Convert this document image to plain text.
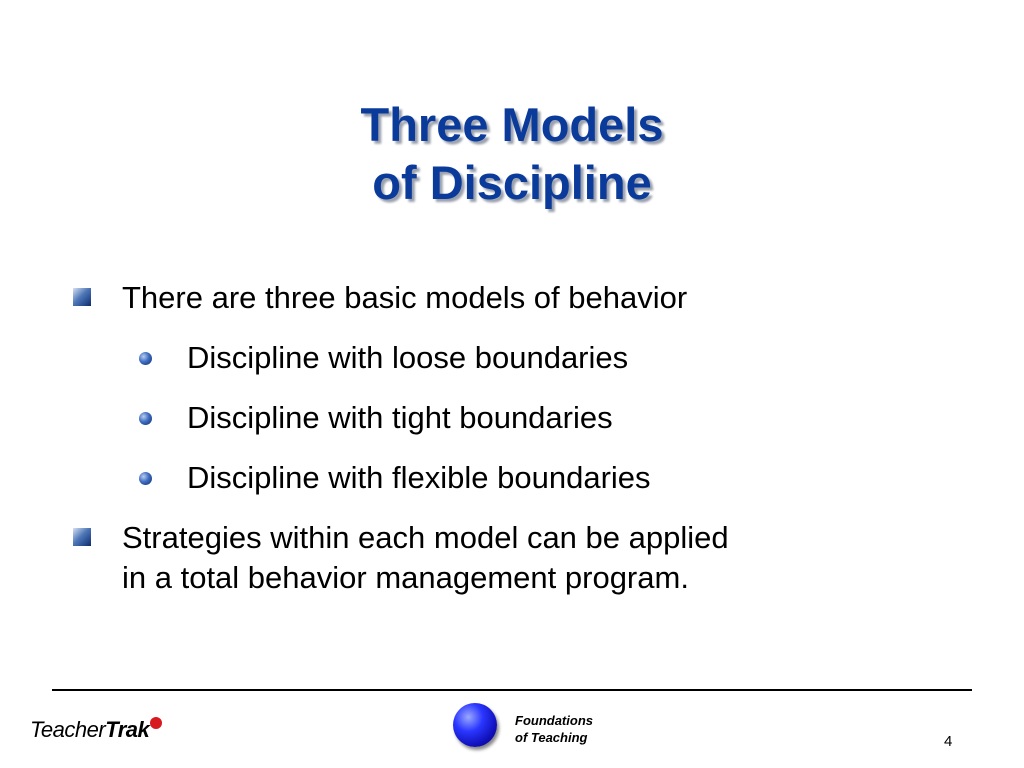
Three Models
of Discipline
There are three basic models of behavior
Discipline with loose boundaries
Discipline with tight boundaries
Discipline with flexible boundaries
Strategies within each model can be applied
in a total behavior management program.
TeacherTrak	Foundations
of Teaching	4
